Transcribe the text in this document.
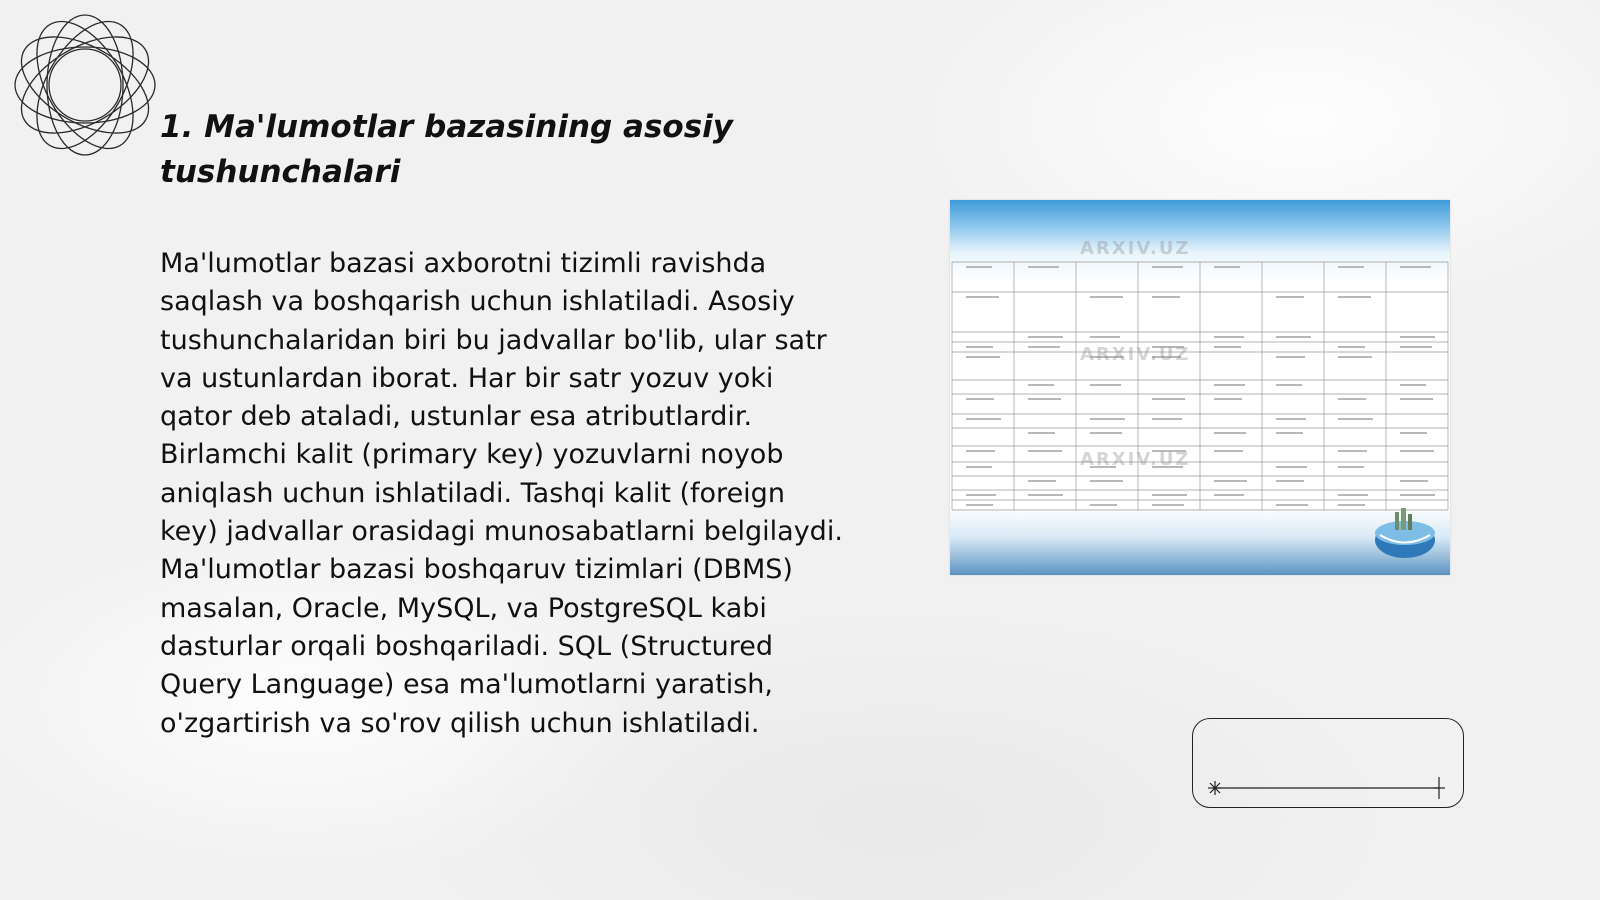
1. Ma'lumotlar bazasining asosiy tushunchalari

Ma'lumotlar bazasi axborotni tizimli ravishda saqlash va boshqarish uchun ishlatiladi. Asosiy tushunchalaridan biri bu jadvallar bo'lib, ular satr va ustunlardan iborat. Har bir satr yozuv yoki qator deb ataladi, ustunlar esa atributlardir. Birlamchi kalit (primary key) yozuvlarni noyob aniqlash uchun ishlatiladi. Tashqi kalit (foreign key) jadvallar orasidagi munosabatlarni belgilaydi. Ma'lumotlar bazasi boshqaruv tizimlari (DBMS) masalan, Oracle, MySQL, va PostgreSQL kabi dasturlar orqali boshqariladi. SQL (Structured Query Language) esa ma'lumotlarni yaratish, o'zgartirish va so'rov qilish uchun ishlatiladi.

ARXIV.UZ
ARXIV.UZ
ARXIV.UZ
